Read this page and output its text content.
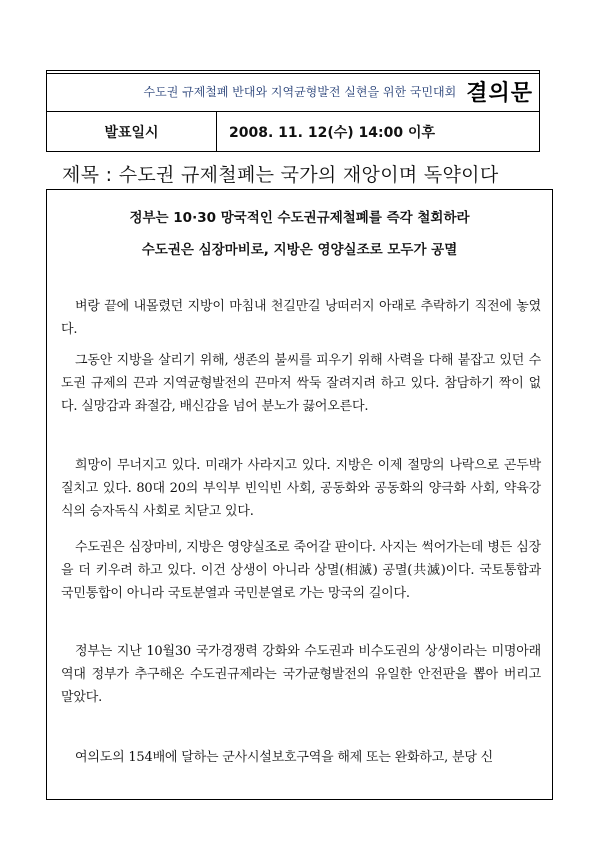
수도권 규제철폐 반대와 지역균형발전 실현을 위한 국민대회 결의문
발표일시	2008. 11. 12(수) 14:00 이후
제목 : 수도권 규제철폐는 국가의 재앙이며 독약이다
정부는 10·30 망국적인 수도권규제철폐를 즉각 철회하라
수도권은 심장마비로, 지방은 영양실조로 모두가 공멸

벼랑 끝에 내몰렸던 지방이 마침내 천길만길 낭떠러지 아래로 추락하기 직전에 놓였다.

그동안 지방을 살리기 위해, 생존의 불씨를 피우기 위해 사력을 다해 붙잡고 있던 수도권 규제의 끈과 지역균형발전의 끈마저 싹둑 잘려지려 하고 있다. 참담하기 짝이 없다. 실망감과 좌절감, 배신감을 넘어 분노가 끓어오른다.

희망이 무너지고 있다. 미래가 사라지고 있다. 지방은 이제 절망의 나락으로 곤두박질치고 있다. 80대 20의 부익부 빈익빈 사회, 공동화와 공동화의 양극화 사회, 약육강식의 승자독식 사회로 치닫고 있다.

수도권은 심장마비, 지방은 영양실조로 죽어갈 판이다. 사지는 썩어가는데 병든 심장을 더 키우려 하고 있다. 이건 상생이 아니라 상멸(相滅) 공멸(共滅)이다. 국토통합과 국민통합이 아니라 국토분열과 국민분열로 가는 망국의 길이다.

정부는 지난 10월30 국가경쟁력 강화와 수도권과 비수도권의 상생이라는 미명아래 역대 정부가 추구해온 수도권규제라는 국가균형발전의 유일한 안전판을 뽑아 버리고 말았다.

여의도의 154배에 달하는 군사시설보호구역을 해제 또는 완화하고, 분당 신
